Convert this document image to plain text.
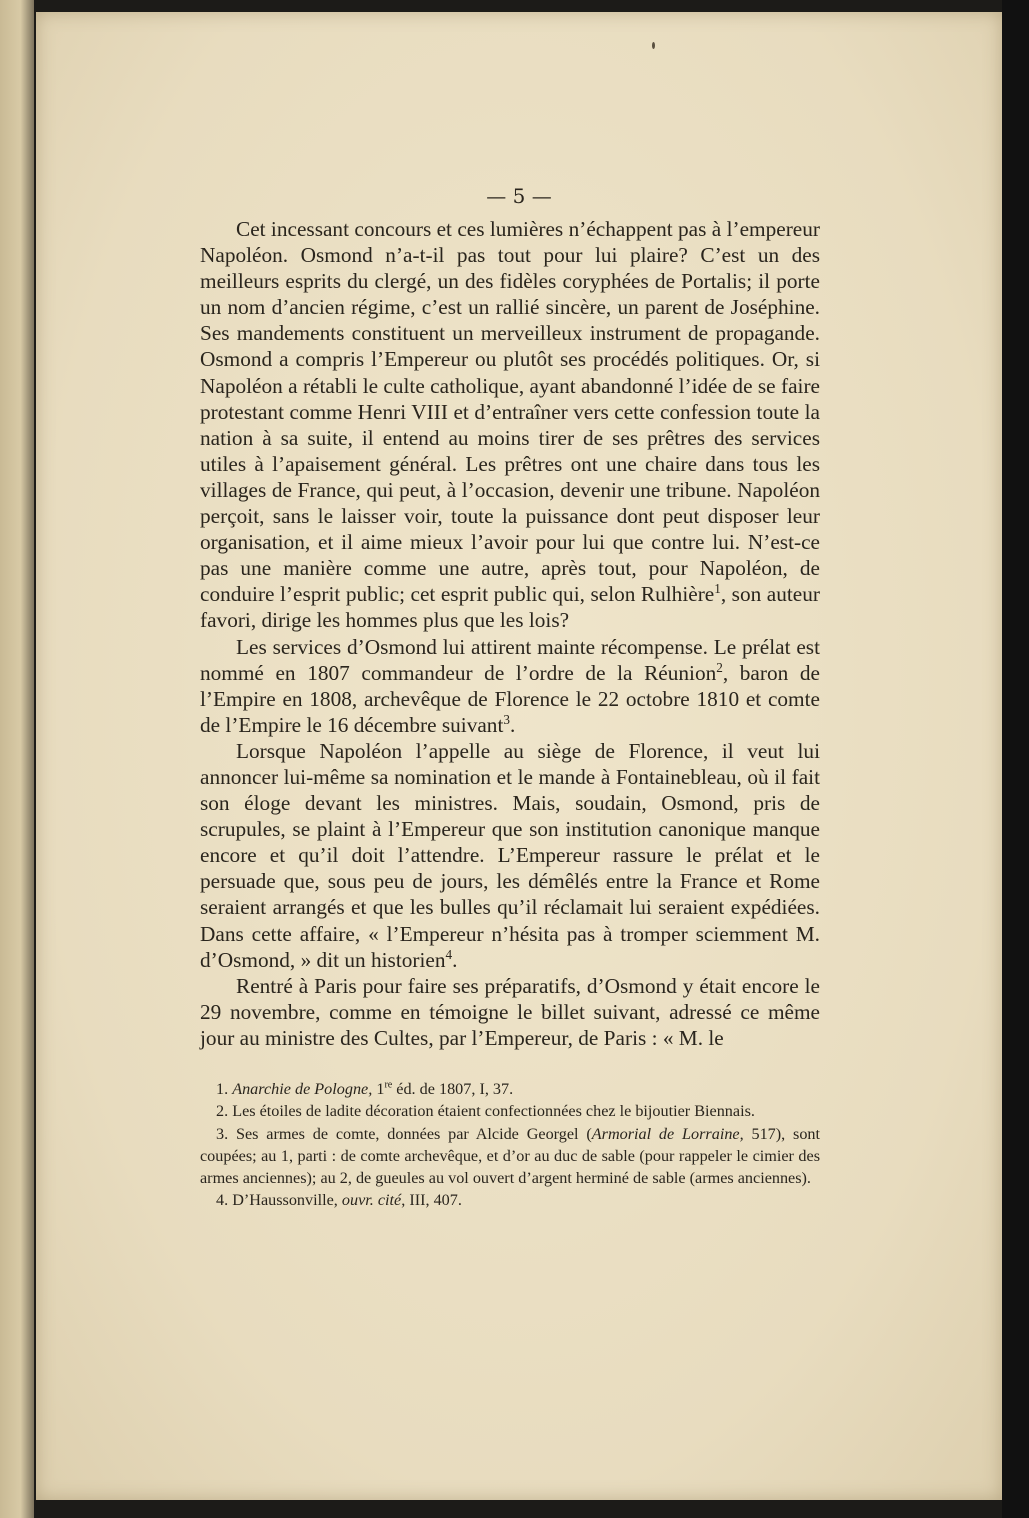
— 5 —

Cet incessant concours et ces lumières n’échappent pas à l’empereur Napoléon. Osmond n’a-t-il pas tout pour lui plaire? C’est un des meilleurs esprits du clergé, un des fidèles coryphées de Portalis; il porte un nom d’ancien régime, c’est un rallié sincère, un parent de Joséphine. Ses mandements constituent un merveilleux instrument de propagande. Osmond a compris l’Empereur ou plutôt ses procédés politiques. Or, si Napoléon a rétabli le culte catholique, ayant abandonné l’idée de se faire protestant comme Henri VIII et d’entraîner vers cette confession toute la nation à sa suite, il entend au moins tirer de ses prêtres des services utiles à l’apaisement général. Les prêtres ont une chaire dans tous les villages de France, qui peut, à l’occasion, devenir une tribune. Napoléon perçoit, sans le laisser voir, toute la puissance dont peut disposer leur organisation, et il aime mieux l’avoir pour lui que contre lui. N’est-ce pas une manière comme une autre, après tout, pour Napoléon, de conduire l’esprit public; cet esprit public qui, selon Rulhière$^1$, son auteur favori, dirige les hommes plus que les lois?

Les services d’Osmond lui attirent mainte récompense. Le prélat est nommé en 1807 commandeur de l’ordre de la Réunion$^2$, baron de l’Empire en 1808, archevêque de Florence le 22 octobre 1810 et comte de l’Empire le 16 décembre suivant$^3$.

Lorsque Napoléon l’appelle au siège de Florence, il veut lui annoncer lui-même sa nomination et le mande à Fontainebleau, où il fait son éloge devant les ministres. Mais, soudain, Osmond, pris de scrupules, se plaint à l’Empereur que son institution canonique manque encore et qu’il doit l’attendre. L’Empereur rassure le prélat et le persuade que, sous peu de jours, les démêlés entre la France et Rome seraient arrangés et que les bulles qu’il réclamait lui seraient expédiées. Dans cette affaire, « l’Empereur n’hésita pas à tromper sciemment M. d’Osmond, » dit un historien$^4$.

Rentré à Paris pour faire ses préparatifs, d’Osmond y était encore le 29 novembre, comme en témoigne le billet suivant, adressé ce même jour au ministre des Cultes, par l’Empereur, de Paris : « M. le

1. Anarchie de Pologne, 1re éd. de 1807, I, 37.

2. Les étoiles de ladite décoration étaient confectionnées chez le bijoutier Biennais.

3. Ses armes de comte, données par Alcide Georgel (Armorial de Lorraine, 517), sont coupées; au 1, parti : de comte archevêque, et d’or au duc de sable (pour rappeler le cimier des armes anciennes); au 2, de gueules au vol ouvert d’argent herminé de sable (armes anciennes).

4. D’Haussonville, ouvr. cité, III, 407.
